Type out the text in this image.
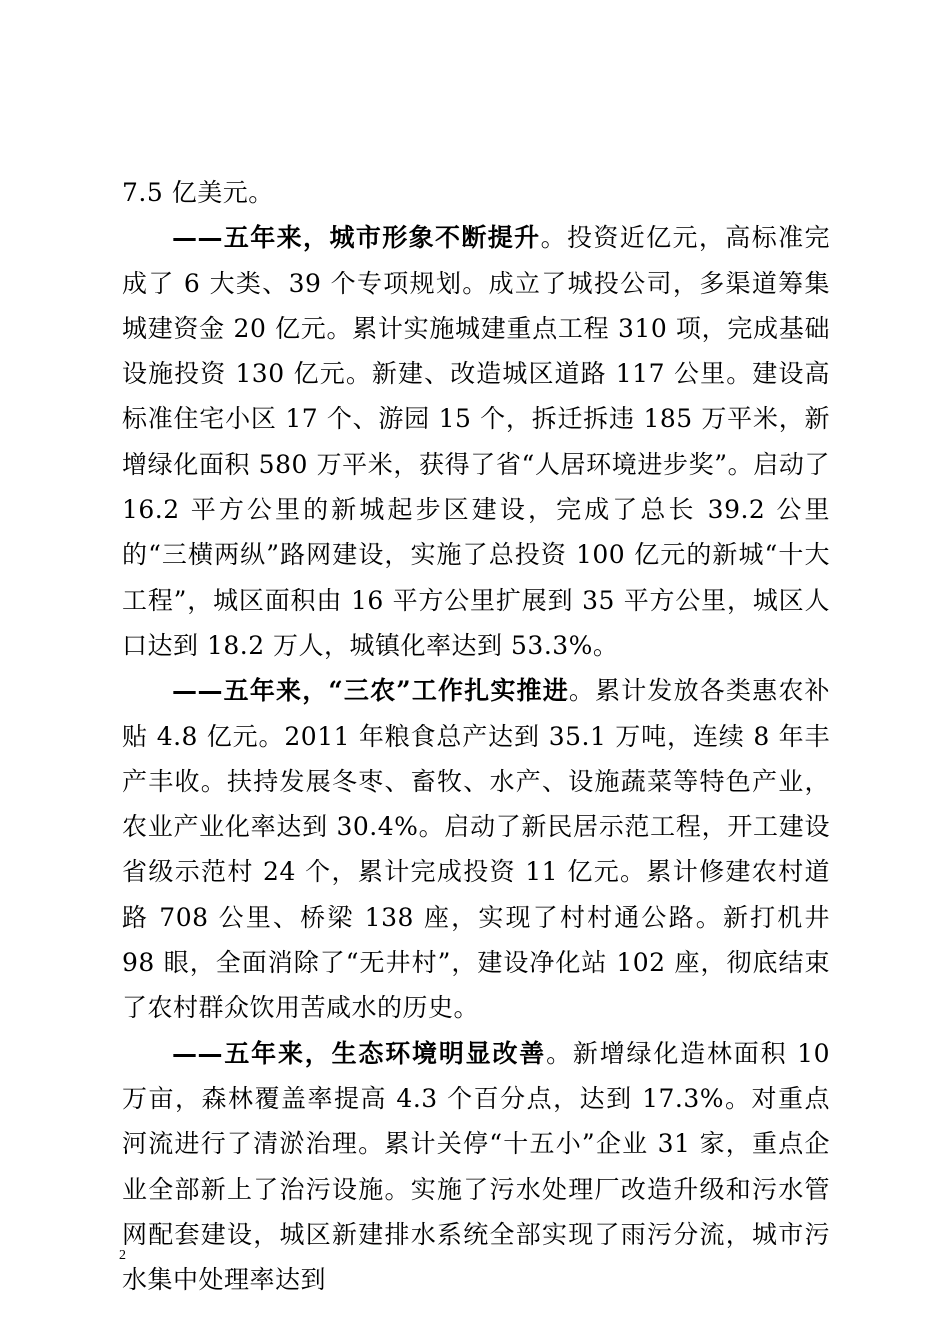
7.5 亿美元。

——五年来，城市形象不断提升。投资近亿元，高标准完成了 6 大类、39 个专项规划。成立了城投公司，多渠道筹集城建资金 20 亿元。累计实施城建重点工程 310 项，完成基础设施投资 130 亿元。新建、改造城区道路 117 公里。建设高标准住宅小区 17 个、游园 15 个，拆迁拆违 185 万平米，新增绿化面积 580 万平米，获得了省“人居环境进步奖”。启动了 16.2 平方公里的新城起步区建设，完成了总长 39.2 公里的“三横两纵”路网建设，实施了总投资 100 亿元的新城“十大工程”，城区面积由 16 平方公里扩展到 35 平方公里，城区人口达到 18.2 万人，城镇化率达到 53.3%。

——五年来，“三农”工作扎实推进。累计发放各类惠农补贴 4.8 亿元。2011 年粮食总产达到 35.1 万吨，连续 8 年丰产丰收。扶持发展冬枣、畜牧、水产、设施蔬菜等特色产业，农业产业化率达到 30.4%。启动了新民居示范工程，开工建设省级示范村 24 个，累计完成投资 11 亿元。累计修建农村道路 708 公里、桥梁 138 座，实现了村村通公路。新打机井 98 眼，全面消除了“无井村”，建设净化站 102 座，彻底结束了农村群众饮用苦咸水的历史。

——五年来，生态环境明显改善。新增绿化造林面积 10 万亩，森林覆盖率提高 4.3 个百分点，达到 17.3%。对重点河流进行了清淤治理。累计关停“十五小”企业 31 家，重点企业全部新上了治污设施。实施了污水处理厂改造升级和污水管网配套建设，城区新建排水系统全部实现了雨污分流，城市污水集中处理率达到

2
